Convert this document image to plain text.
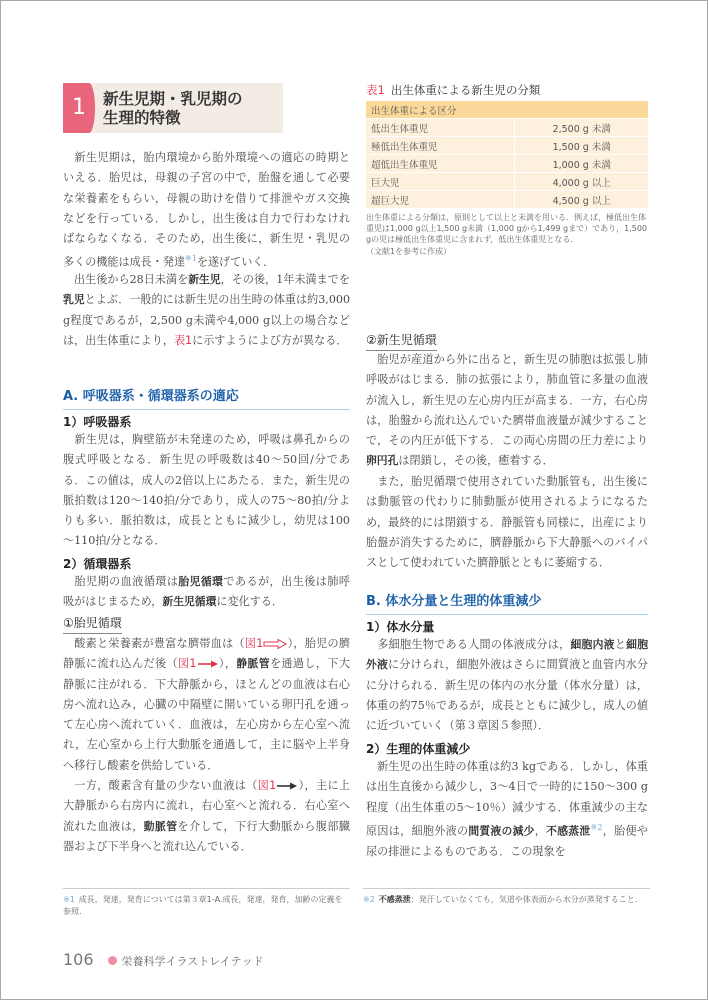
1	新生児期・乳児期の
生理的特徴

新生児期は，胎内環境から胎外環境への適応の時期といえる．胎児は，母親の子宮の中で，胎盤を通して必要な栄養素をもらい，母親の助けを借りて排泄やガス交換などを行っている．しかし，出生後は自力で行わなければならなくなる．そのため，出生後に，新生児・乳児の多くの機能は成長・発達$^{※1}$を遂げていく．

出生後から28日未満を新生児，その後，1年未満までを乳児とよぶ．一般的には新生児の出生時の体重は約3,000 g程度であるが，2,500 g未満や4,000 g以上の場合などは，出生体重により，表1に示すようによび方が異なる．

A. 呼吸器系・循環器系の適応
1）呼吸器系

新生児は，胸壁筋が未発達のため，呼吸は鼻孔からの腹式呼吸となる．新生児の呼吸数は40～50回/分である．この値は，成人の2倍以上にあたる．また，新生児の脈拍数は120～140拍/分であり，成人の75～80拍/分よりも多い．脈拍数は，成長とともに減少し，幼児は100～110拍/分となる．

2）循環器系

胎児期の血液循環は胎児循環であるが，出生後は肺呼吸がはじまるため，新生児循環に変化する．

①胎児循環

酸素と栄養素が豊富な臍帯血は（図1 ），胎児の臍静脈に流れ込んだ後（図1 ），静脈管を通過し，下大静脈に注がれる．下大静脈から，ほとんどの血液は右心房へ流れ込み，心臓の中隔壁に開いている卵円孔を通って左心房へ流れていく．血液は，左心房から左心室へ流れ，左心室から上行大動脈を通過して，主に脳や上半身へ移行し酸素を供給している．

一方，酸素含有量の少ない血液は（図1 ），主に上大静脈から右房内に流れ，右心室へと流れる．右心室へ流れた血液は，動脈管を介して，下行大動脈から腹部臓器および下半身へと流れ込んでいる．

表1 出生体重による新生児の分類
出生体重による区分	
低出生体重児	2,500 g 未満
極低出生体重児	1,500 g 未満
超低出生体重児	1,000 g 未満
巨大児	4,000 g 以上
超巨大児	4,500 g 以上
出生体重による分類は，原則として以上と未満を用いる．例えば，極低出生体重児は1,000 g以上1,500 g未満（1,000 gから1,499 gまで）であり，1,500 gの児は極低出生体重児に含まれず，低出生体重児となる．
（文献1を参考に作成）
②新生児循環

胎児が産道から外に出ると，新生児の肺胞は拡張し肺呼吸がはじまる．肺の拡張により，肺血管に多量の血液が流入し，新生児の左心房内圧が高まる．一方，右心房は，胎盤から流れ込んでいた臍帯血液量が減少することで，その内圧が低下する．この両心房間の圧力差により卵円孔は閉鎖し，その後，癒着する．

また，胎児循環で使用されていた動脈管も，出生後には動脈管の代わりに肺動脈が使用されるようになるため，最終的には閉鎖する．静脈管も同様に，出産により胎盤が消失するために，臍静脈から下大静脈へのバイパスとして使われていた臍静脈とともに萎縮する．

B. 体水分量と生理的体重減少
1）体水分量

多細胞生物である人間の体液成分は，細胞内液と細胞外液に分けられ，細胞外液はさらに間質液と血管内水分に分けられる．新生児の体内の水分量（体水分量）は，体重の約75％であるが，成長とともに減少し，成人の値に近づいていく（第３章図５参照）．

2）生理的体重減少

新生児の出生時の体重は約3 kgである．しかし，体重は出生直後から減少し，3～4日で一時的に150～300 g程度（出生体重の5～10％）減少する．体重減少の主な原因は，細胞外液の間質液の減少，不感蒸泄$^{※2}$，胎便や尿の排泄によるものである．この現象を

※1 成長，発達，発育については第３章1-A.成長，発達，発育，加齢の定義を参照．
※2 不感蒸泄：発汗していなくても，気道や体表面から水分が蒸発すること．
106	栄養科学イラストレイテッド
